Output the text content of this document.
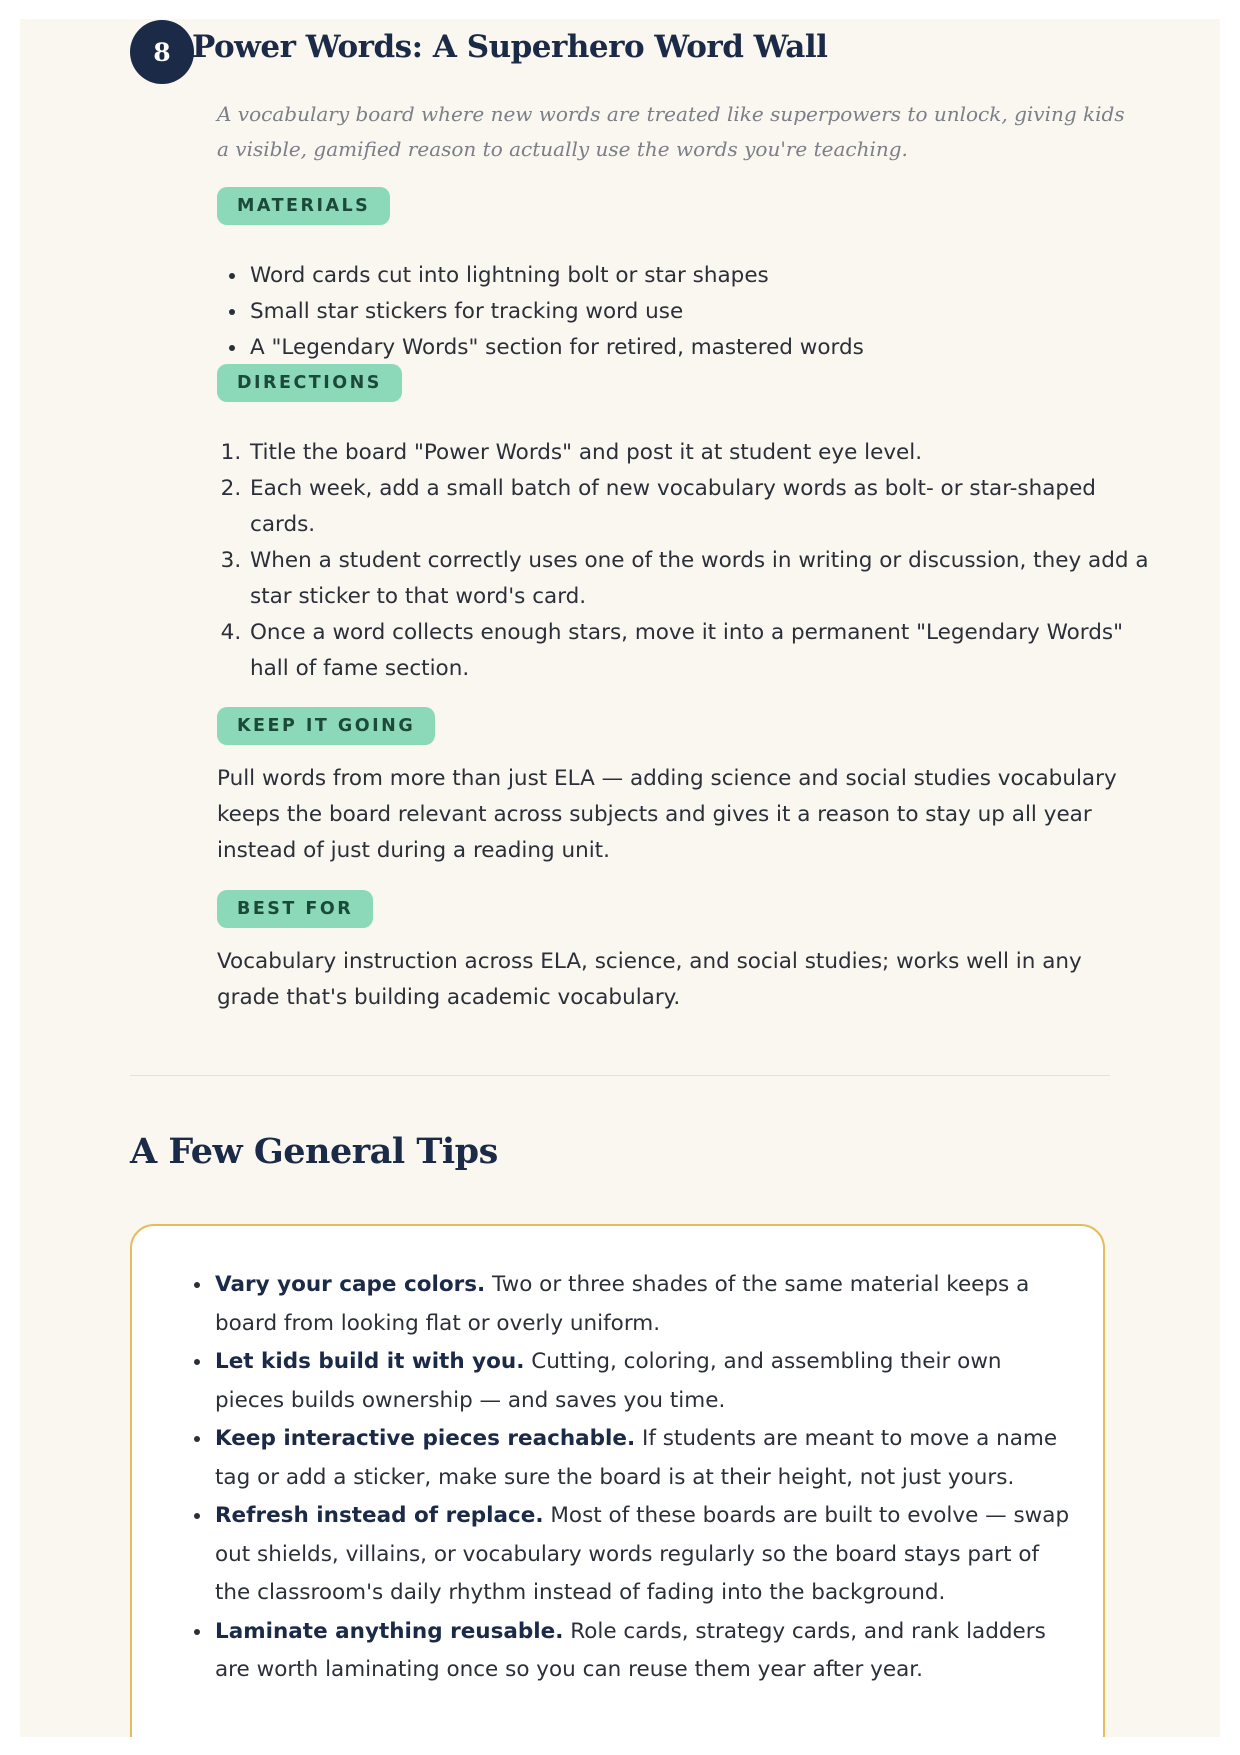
8 Power Words: A Superhero Word Wall

A vocabulary board where new words are treated like superpowers to unlock, giving kids a visible, gamified reason to actually use the words you're teaching.

MATERIALS
• Word cards cut into lightning bolt or star shapes
• Small star stickers for tracking word use
• A "Legendary Words" section for retired, mastered words
DIRECTIONS
1. Title the board "Power Words" and post it at student eye level.
2. Each week, add a small batch of new vocabulary words as bolt- or star-shaped cards.
3. When a student correctly uses one of the words in writing or discussion, they add a star sticker to that word's card.
4. Once a word collects enough stars, move it into a permanent "Legendary Words" hall of fame section.
KEEP IT GOING

Pull words from more than just ELA — adding science and social studies vocabulary keeps the board relevant across subjects and gives it a reason to stay up all year instead of just during a reading unit.

BEST FOR

Vocabulary instruction across ELA, science, and social studies; works well in any grade that's building academic vocabulary.

A Few General Tips
• Vary your cape colors. Two or three shades of the same material keeps a board from looking flat or overly uniform.
• Let kids build it with you. Cutting, coloring, and assembling their own pieces builds ownership — and saves you time.
• Keep interactive pieces reachable. If students are meant to move a name tag or add a sticker, make sure the board is at their height, not just yours.
• Refresh instead of replace. Most of these boards are built to evolve — swap out shields, villains, or vocabulary words regularly so the board stays part of the classroom's daily rhythm instead of fading into the background.
• Laminate anything reusable. Role cards, strategy cards, and rank ladders are worth laminating once so you can reuse them year after year.
